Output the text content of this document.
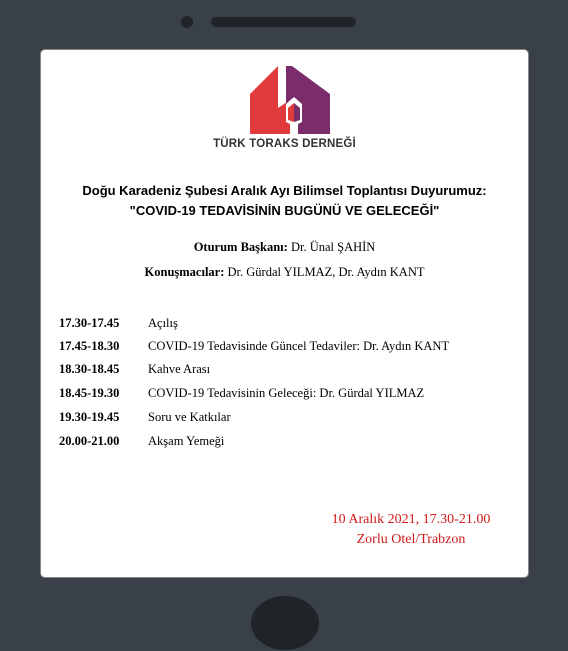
TÜRK TORAKS DERNEĞİ
Doğu Karadeniz Şubesi Aralık Ayı Bilimsel Toplantısı Duyurumuz:
"COVID-19 TEDAVİSİNİN BUGÜNÜ VE GELECEĞİ"
Oturum Başkanı: Dr. Ünal ŞAHİN
Konuşmacılar: Dr. Gürdal YILMAZ, Dr. Aydın KANT
17.30-17.45 Açılış
17.45-18.30 COVID-19 Tedavisinde Güncel Tedaviler: Dr. Aydın KANT
18.30-18.45 Kahve Arası
18.45-19.30 COVID-19 Tedavisinin Geleceği: Dr. Gürdal YILMAZ
19.30-19.45 Soru ve Katkılar
20.00-21.00 Akşam Yemeği
10 Aralık 2021, 17.30-21.00
Zorlu Otel/Trabzon
